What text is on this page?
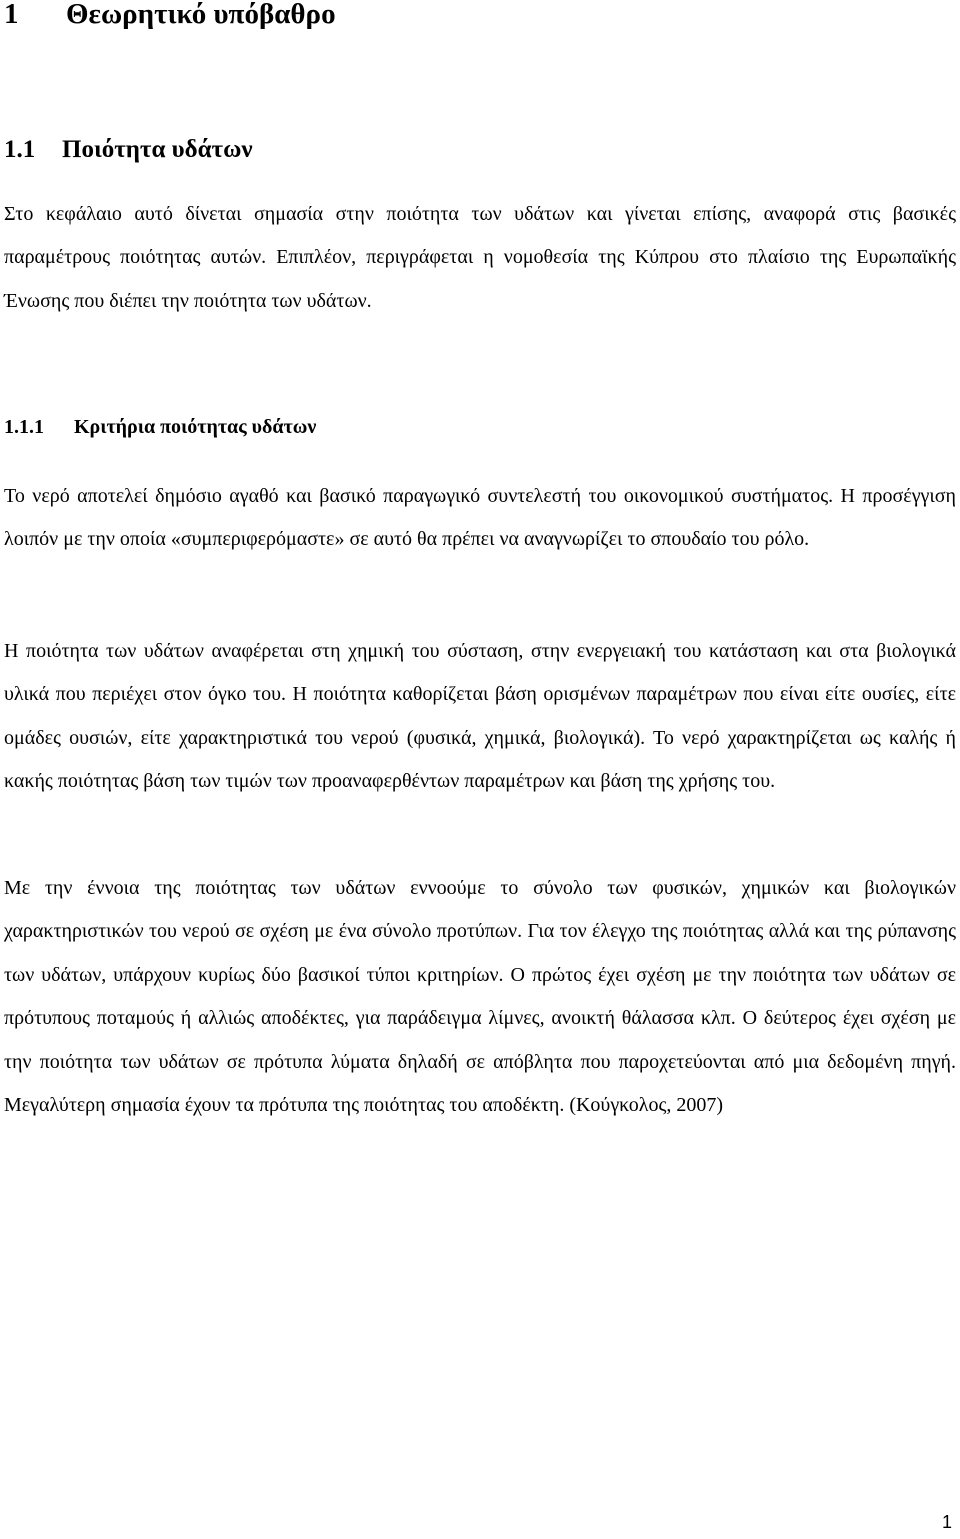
1 Θεωρητικό υπόβαθρο
1.1 Ποιότητα υδάτων

Στο κεφάλαιο αυτό δίνεται σημασία στην ποιότητα των υδάτων και γίνεται επίσης, αναφορά στις βασικές παραμέτρους ποιότητας αυτών. Επιπλέον, περιγράφεται η νομοθεσία της Κύπρου στο πλαίσιο της Ευρωπαϊκής Ένωσης που διέπει την ποιότητα των υδάτων.

1.1.1 Κριτήρια ποιότητας υδάτων

Το νερό αποτελεί δημόσιο αγαθό και βασικό παραγωγικό συντελεστή του οικονομικού συστήματος. Η προσέγγιση λοιπόν με την οποία «συμπεριφερόμαστε» σε αυτό θα πρέπει να αναγνωρίζει το σπουδαίο του ρόλο.

Η ποιότητα των υδάτων αναφέρεται στη χημική του σύσταση, στην ενεργειακή του κατάσταση και στα βιολογικά υλικά που περιέχει στον όγκο του. Η ποιότητα καθορίζεται βάση ορισμένων παραμέτρων που είναι είτε ουσίες, είτε ομάδες ουσιών, είτε χαρακτηριστικά του νερού (φυσικά, χημικά, βιολογικά). Το νερό χαρακτηρίζεται ως καλής ή κακής ποιότητας βάση των τιμών των προαναφερθέντων παραμέτρων και βάση της χρήσης του.

Με την έννοια της ποιότητας των υδάτων εννοούμε το σύνολο των φυσικών, χημικών και βιολογικών χαρακτηριστικών του νερού σε σχέση με ένα σύνολο προτύπων. Για τον έλεγχο της ποιότητας αλλά και της ρύπανσης των υδάτων, υπάρχουν κυρίως δύο βασικοί τύποι κριτηρίων. Ο πρώτος έχει σχέση με την ποιότητα των υδάτων σε πρότυπους ποταμούς ή αλλιώς αποδέκτες, για παράδειγμα λίμνες, ανοικτή θάλασσα κλπ. Ο δεύτερος έχει σχέση με την ποιότητα των υδάτων σε πρότυπα λύματα δηλαδή σε απόβλητα που παροχετεύονται από μια δεδομένη πηγή. Μεγαλύτερη σημασία έχουν τα πρότυπα της ποιότητας του αποδέκτη. (Κούγκολος, 2007)

1
